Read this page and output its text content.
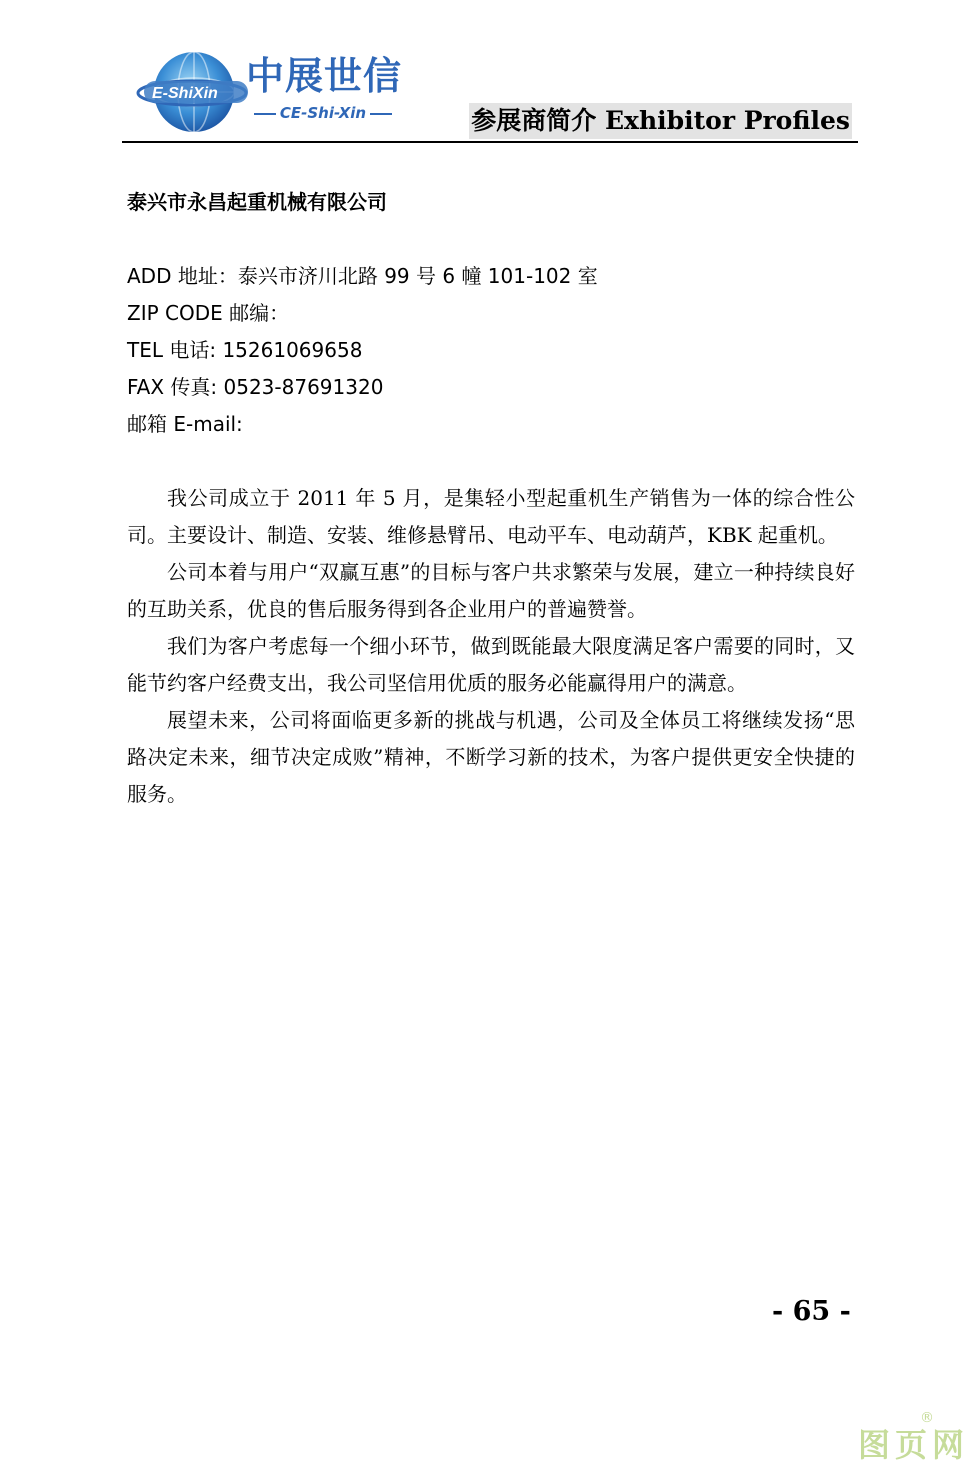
E-ShiXin 中展世信
CE-Shi-Xin	参展商简介 Exhibitor Profiles
泰兴市永昌起重机械有限公司
ADD 地址：泰兴市济川北路 99 号 6 幢 101-102 室
ZIP CODE 邮编：
TEL 电话: 15261069658
FAX 传真: 0523-87691320
邮箱 E-mail:

我公司成立于 2011 年 5 月，是集轻小型起重机生产销售为一体的综合性公司。主要设计、制造、安装、维修悬臂吊、电动平车、电动葫芦，KBK 起重机。

公司本着与用户“双赢互惠”的目标与客户共求繁荣与发展，建立一种持续良好的互助关系，优良的售后服务得到各企业用户的普遍赞誉。

我们为客户考虑每一个细小环节，做到既能最大限度满足客户需要的同时，又能节约客户经费支出，我公司坚信用优质的服务必能赢得用户的满意。

展望未来，公司将面临更多新的挑战与机遇，公司及全体员工将继续发扬“思路决定未来，细节决定成败”精神，不断学习新的技术，为客户提供更安全快捷的服务。

- 65 -
图页网
®
